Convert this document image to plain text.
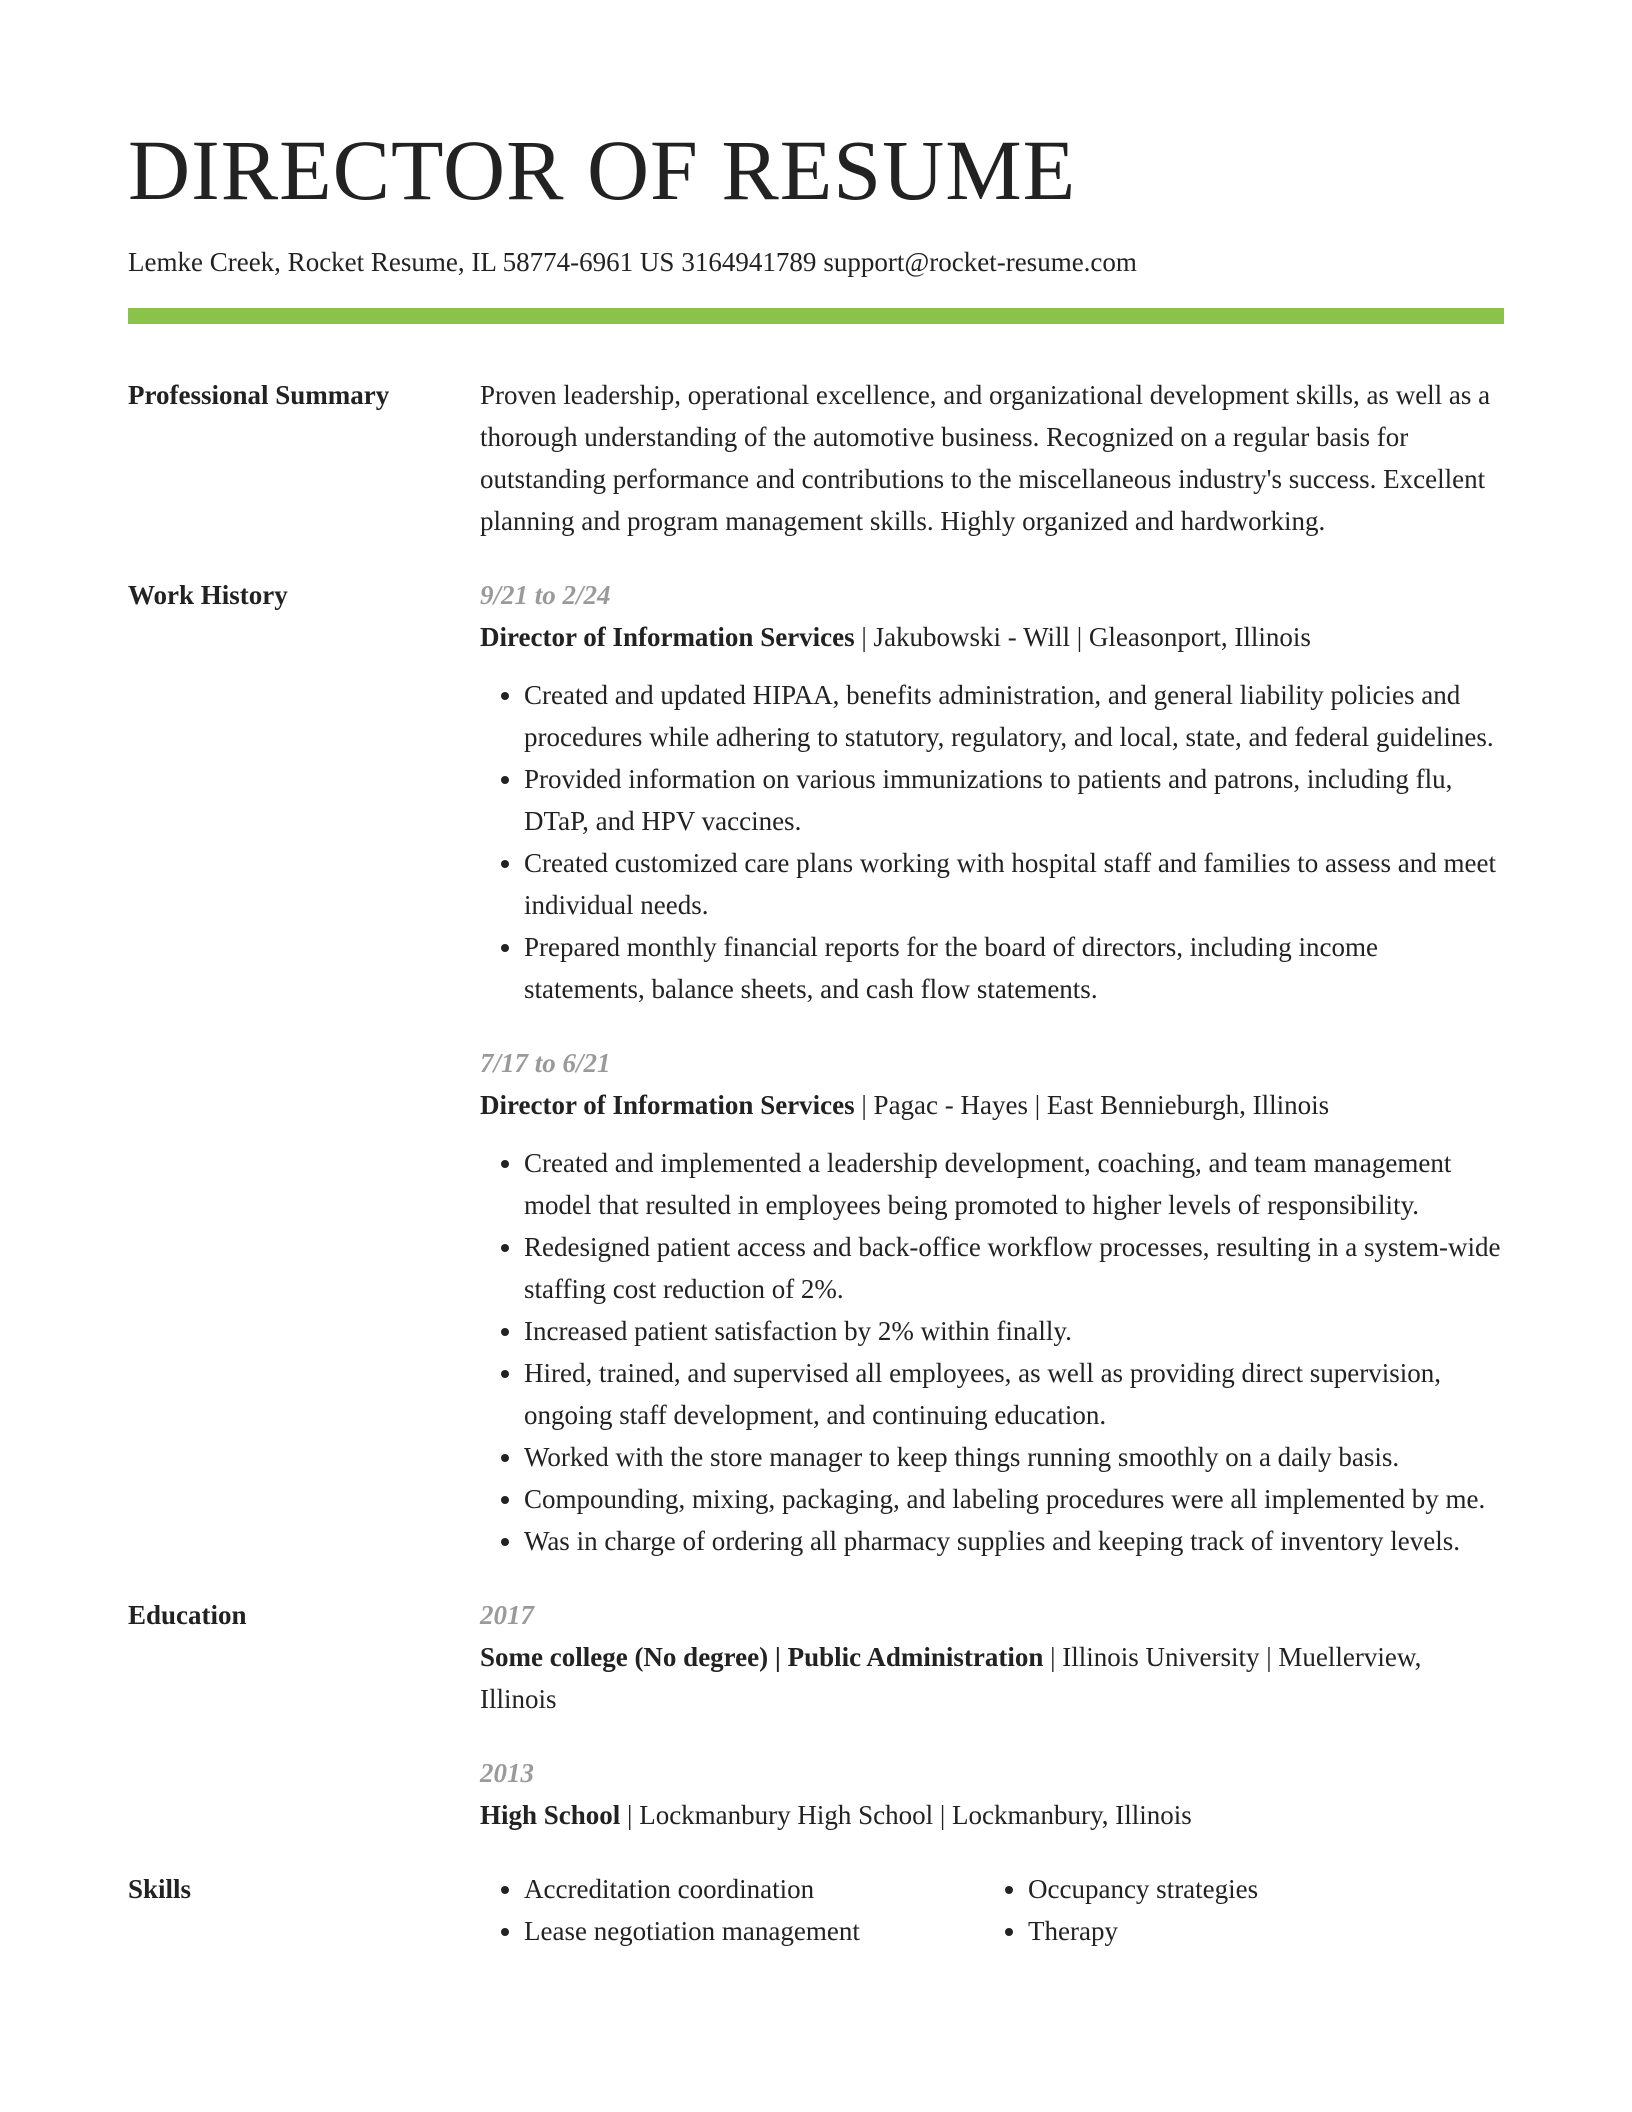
DIRECTOR OF RESUME
Lemke Creek, Rocket Resume, IL 58774-6961 US 3164941789 support@rocket-resume.com
Professional Summary	Proven leadership, operational excellence, and organizational development skills, as well as a thorough understanding of the automotive business. Recognized on a regular basis for outstanding performance and contributions to the miscellaneous industry's success. Excellent planning and program management skills. Highly organized and hardworking.
Work History	9/21 to 2/24
Director of Information Services | Jakubowski - Will | Gleasonport, Illinois
• Created and updated HIPAA, benefits administration, and general liability policies and procedures while adhering to statutory, regulatory, and local, state, and federal guidelines.
• Provided information on various immunizations to patients and patrons, including flu, DTaP, and HPV vaccines.
• Created customized care plans working with hospital staff and families to assess and meet individual needs.
• Prepared monthly financial reports for the board of directors, including income statements, balance sheets, and cash flow statements.
7/17 to 6/21
Director of Information Services | Pagac - Hayes | East Bennieburgh, Illinois
• Created and implemented a leadership development, coaching, and team management model that resulted in employees being promoted to higher levels of responsibility.
• Redesigned patient access and back-office workflow processes, resulting in a system-wide staffing cost reduction of 2%.
• Increased patient satisfaction by 2% within finally.
• Hired, trained, and supervised all employees, as well as providing direct supervision, ongoing staff development, and continuing education.
• Worked with the store manager to keep things running smoothly on a daily basis.
• Compounding, mixing, packaging, and labeling procedures were all implemented by me.
• Was in charge of ordering all pharmacy supplies and keeping track of inventory levels.
Education	2017
Some college (No degree) | Public Administration | Illinois University | Muellerview, Illinois
2013
High School | Lockmanbury High School | Lockmanbury, Illinois
Skills
•	Accreditation coordination
• Lease negotiation management
• Occupancy strategies
• Therapy
